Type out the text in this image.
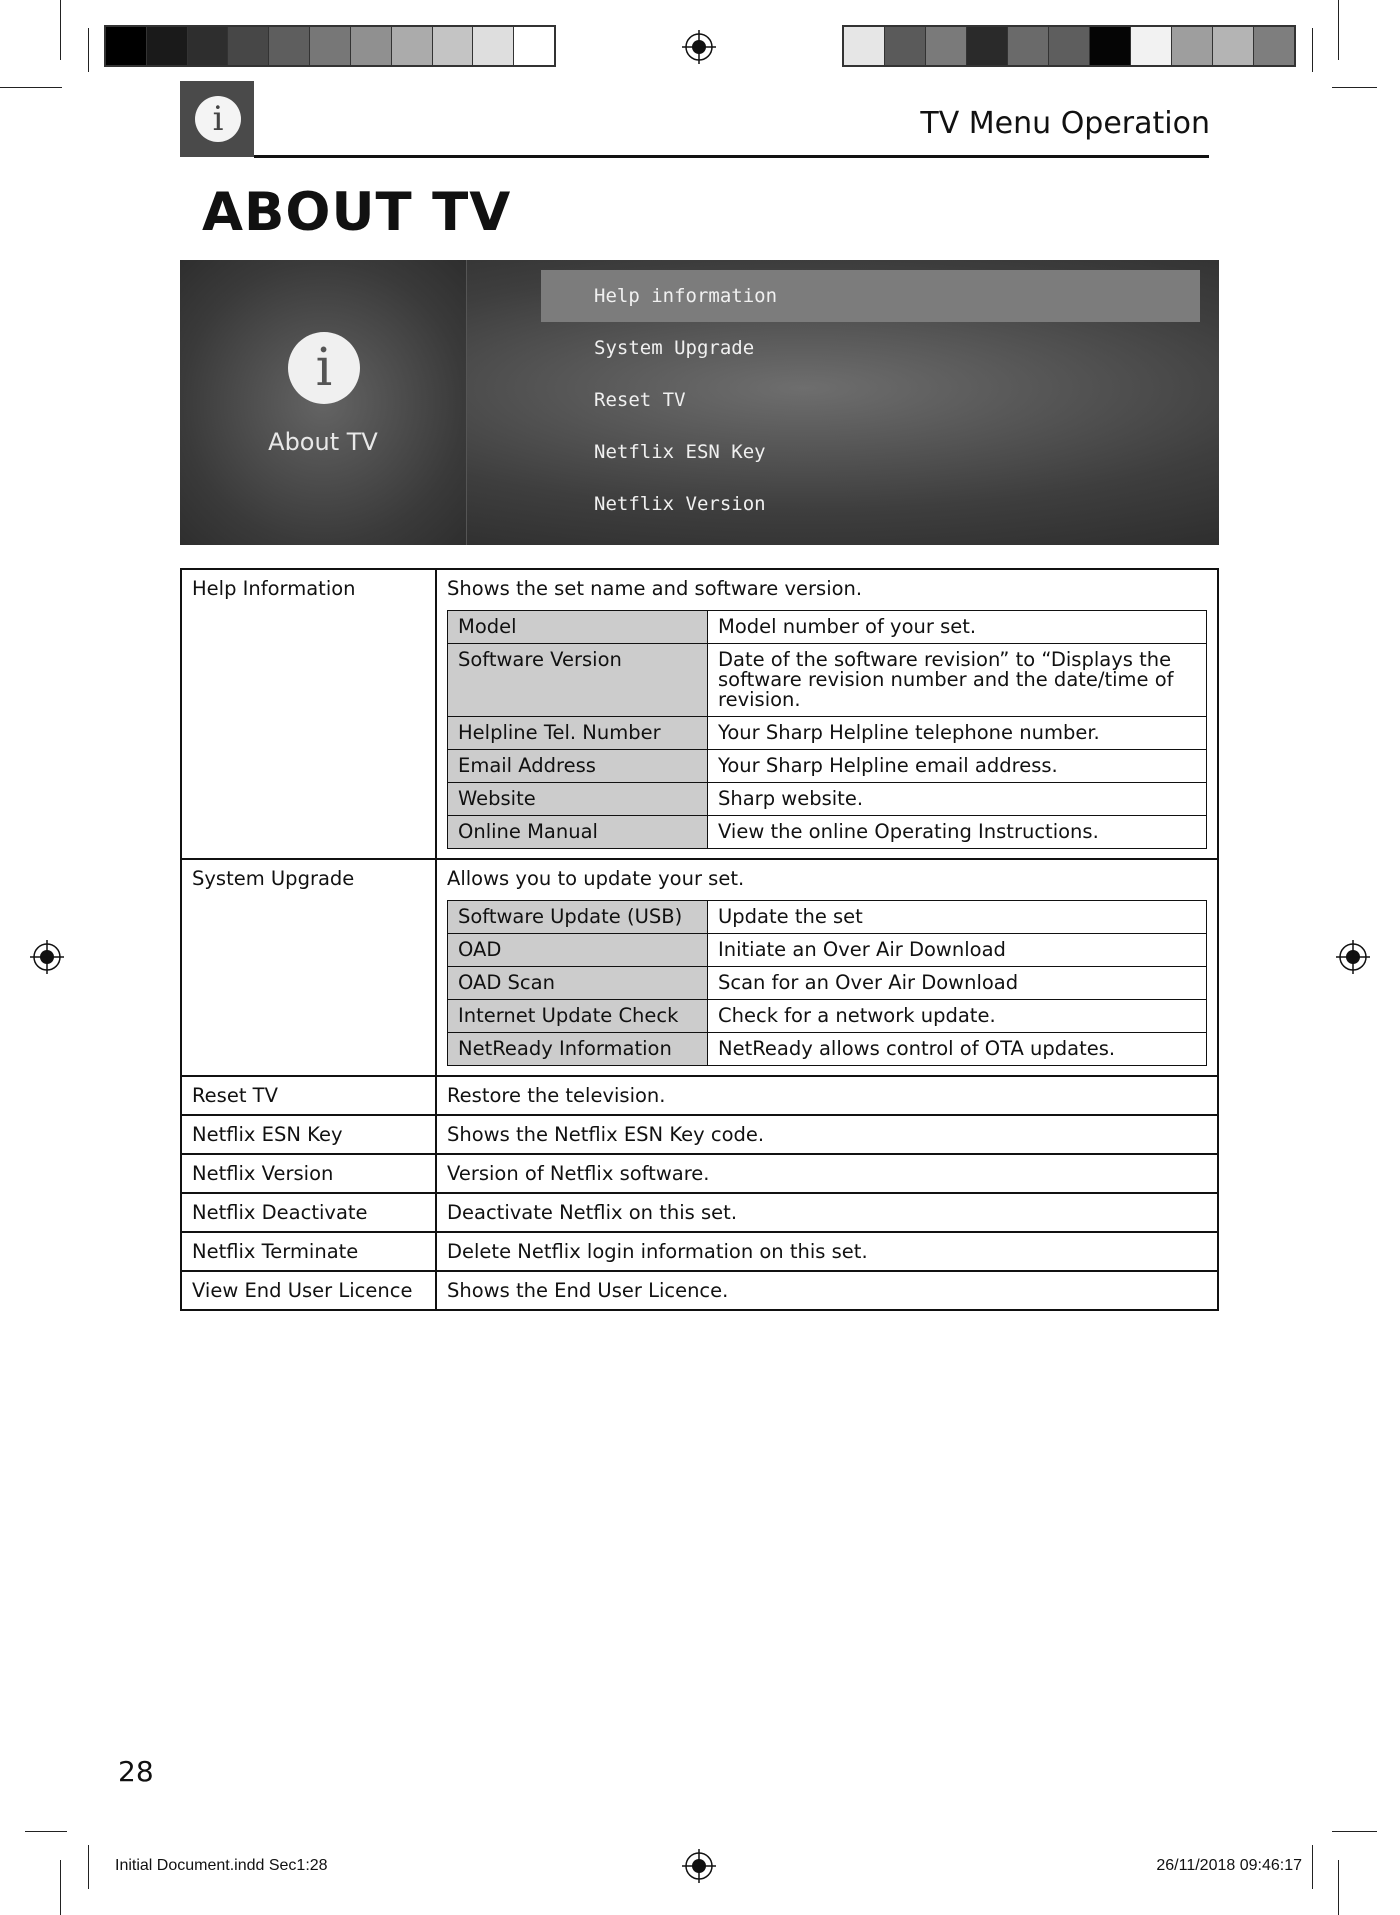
i	TV Menu Operation
ABOUT TV
i
About TV
Help information
System Upgrade
Reset TV
Netflix ESN Key
Netflix Version
Help Information	Shows the set name and software version.
Model	Model number of your set.
Software Version	Date of the software revision” to “Displays the software revision number and the date/time of revision.
Helpline Tel. Number	Your Sharp Helpline telephone number.
Email Address	Your Sharp Helpline email address.
Website	Sharp website.
Online Manual	View the online Operating Instructions.

System Upgrade	Allows you to update your set.
Software Update (USB)	Update the set
OAD	Initiate an Over Air Download
OAD Scan	Scan for an Over Air Download
Internet Update Check	Check for a network update.
NetReady Information	NetReady allows control of OTA updates.

Reset TV	Restore the television.
Netflix ESN Key	Shows the Netflix ESN Key code.
Netflix Version	Version of Netflix software.
Netflix Deactivate	Deactivate Netflix on this set.
Netflix Terminate	Delete Netflix login information on this set.
View End User Licence	Shows the End User Licence.
28
Initial Document.indd Sec1:28	26/11/2018 09:46:17
